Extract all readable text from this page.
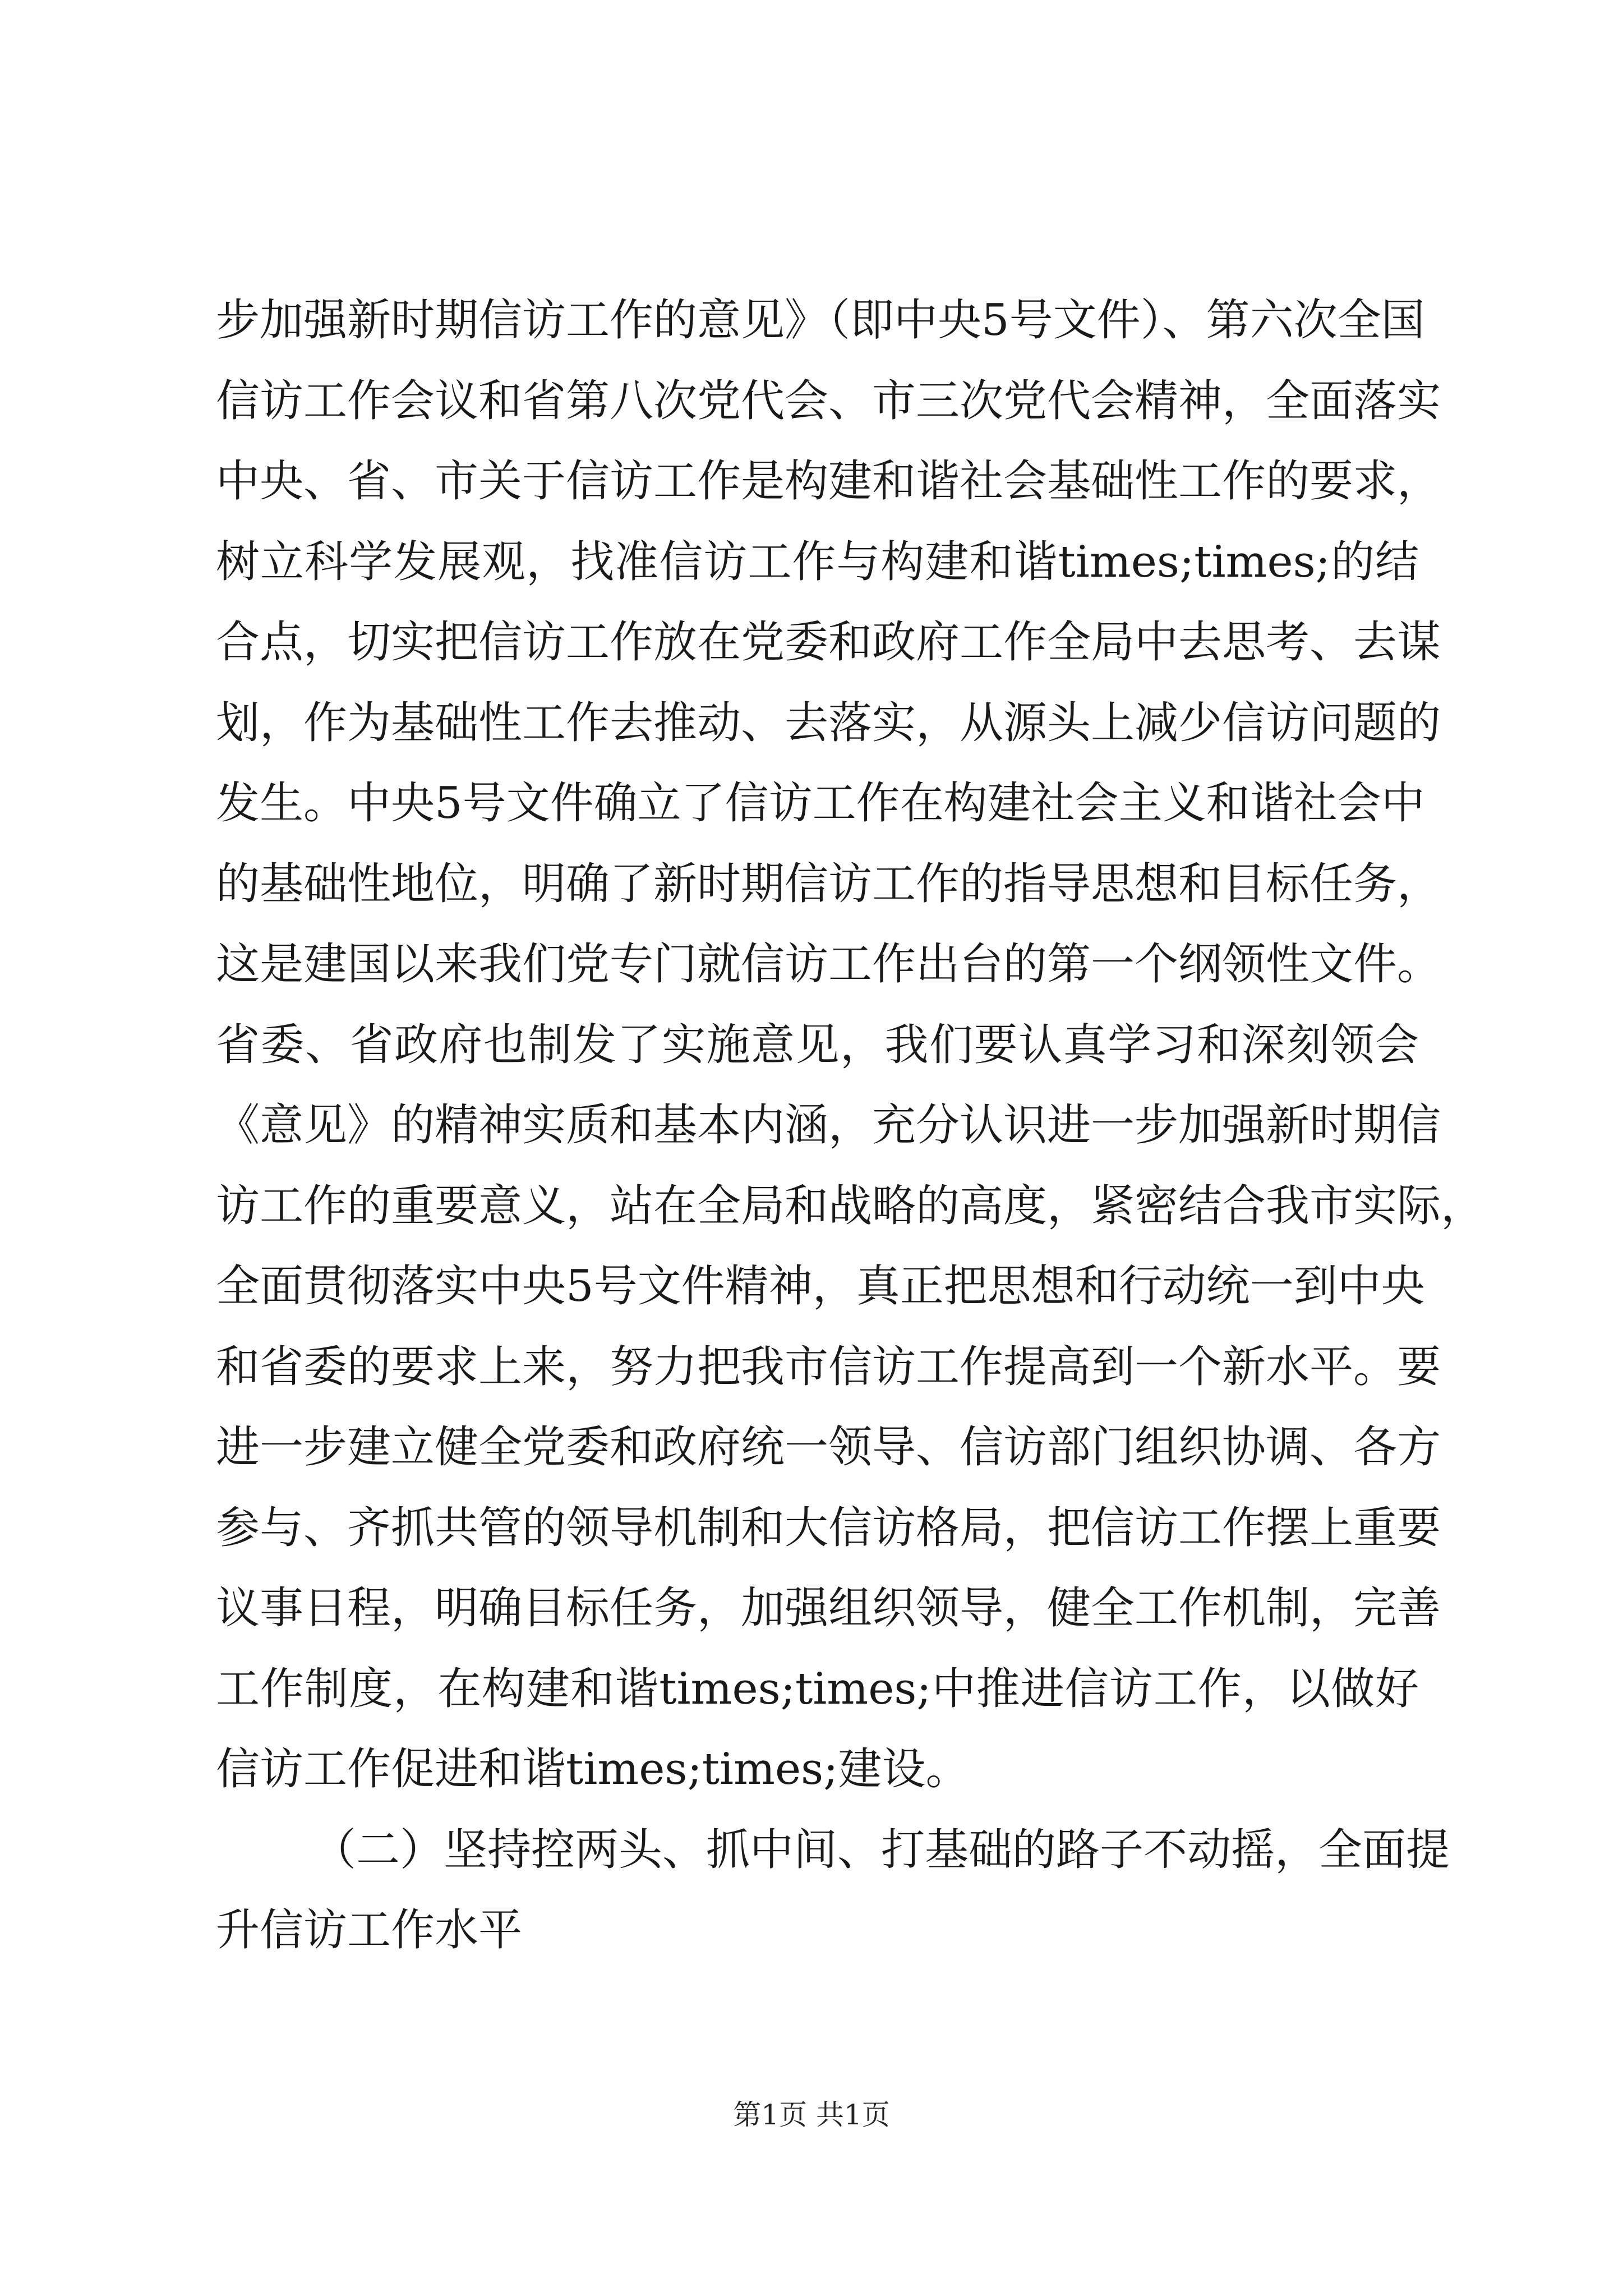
步加强新时期信访工作的意见》（即中央5号文件）、第六次全国
信访工作会议和省第八次党代会、市三次党代会精神，全面落实
中央、省、市关于信访工作是构建和谐社会基础性工作的要求，
树立科学发展观，找准信访工作与构建和谐times;times;的结
合点，切实把信访工作放在党委和政府工作全局中去思考、去谋
划，作为基础性工作去推动、去落实，从源头上减少信访问题的
发生。中央5号文件确立了信访工作在构建社会主义和谐社会中
的基础性地位，明确了新时期信访工作的指导思想和目标任务，
这是建国以来我们党专门就信访工作出台的第一个纲领性文件。
省委、省政府也制发了实施意见，我们要认真学习和深刻领会
《意见》的精神实质和基本内涵，充分认识进一步加强新时期信
访工作的重要意义，站在全局和战略的高度，紧密结合我市实际，
全面贯彻落实中央5号文件精神，真正把思想和行动统一到中央
和省委的要求上来，努力把我市信访工作提高到一个新水平。要
进一步建立健全党委和政府统一领导、信访部门组织协调、各方
参与、齐抓共管的领导机制和大信访格局，把信访工作摆上重要
议事日程，明确目标任务，加强组织领导，健全工作机制，完善
工作制度，在构建和谐times;times;中推进信访工作，以做好
信访工作促进和谐times;times;建设。
（二）坚持控两头、抓中间、打基础的路子不动摇，全面提
升信访工作水平
第1页 共1页
